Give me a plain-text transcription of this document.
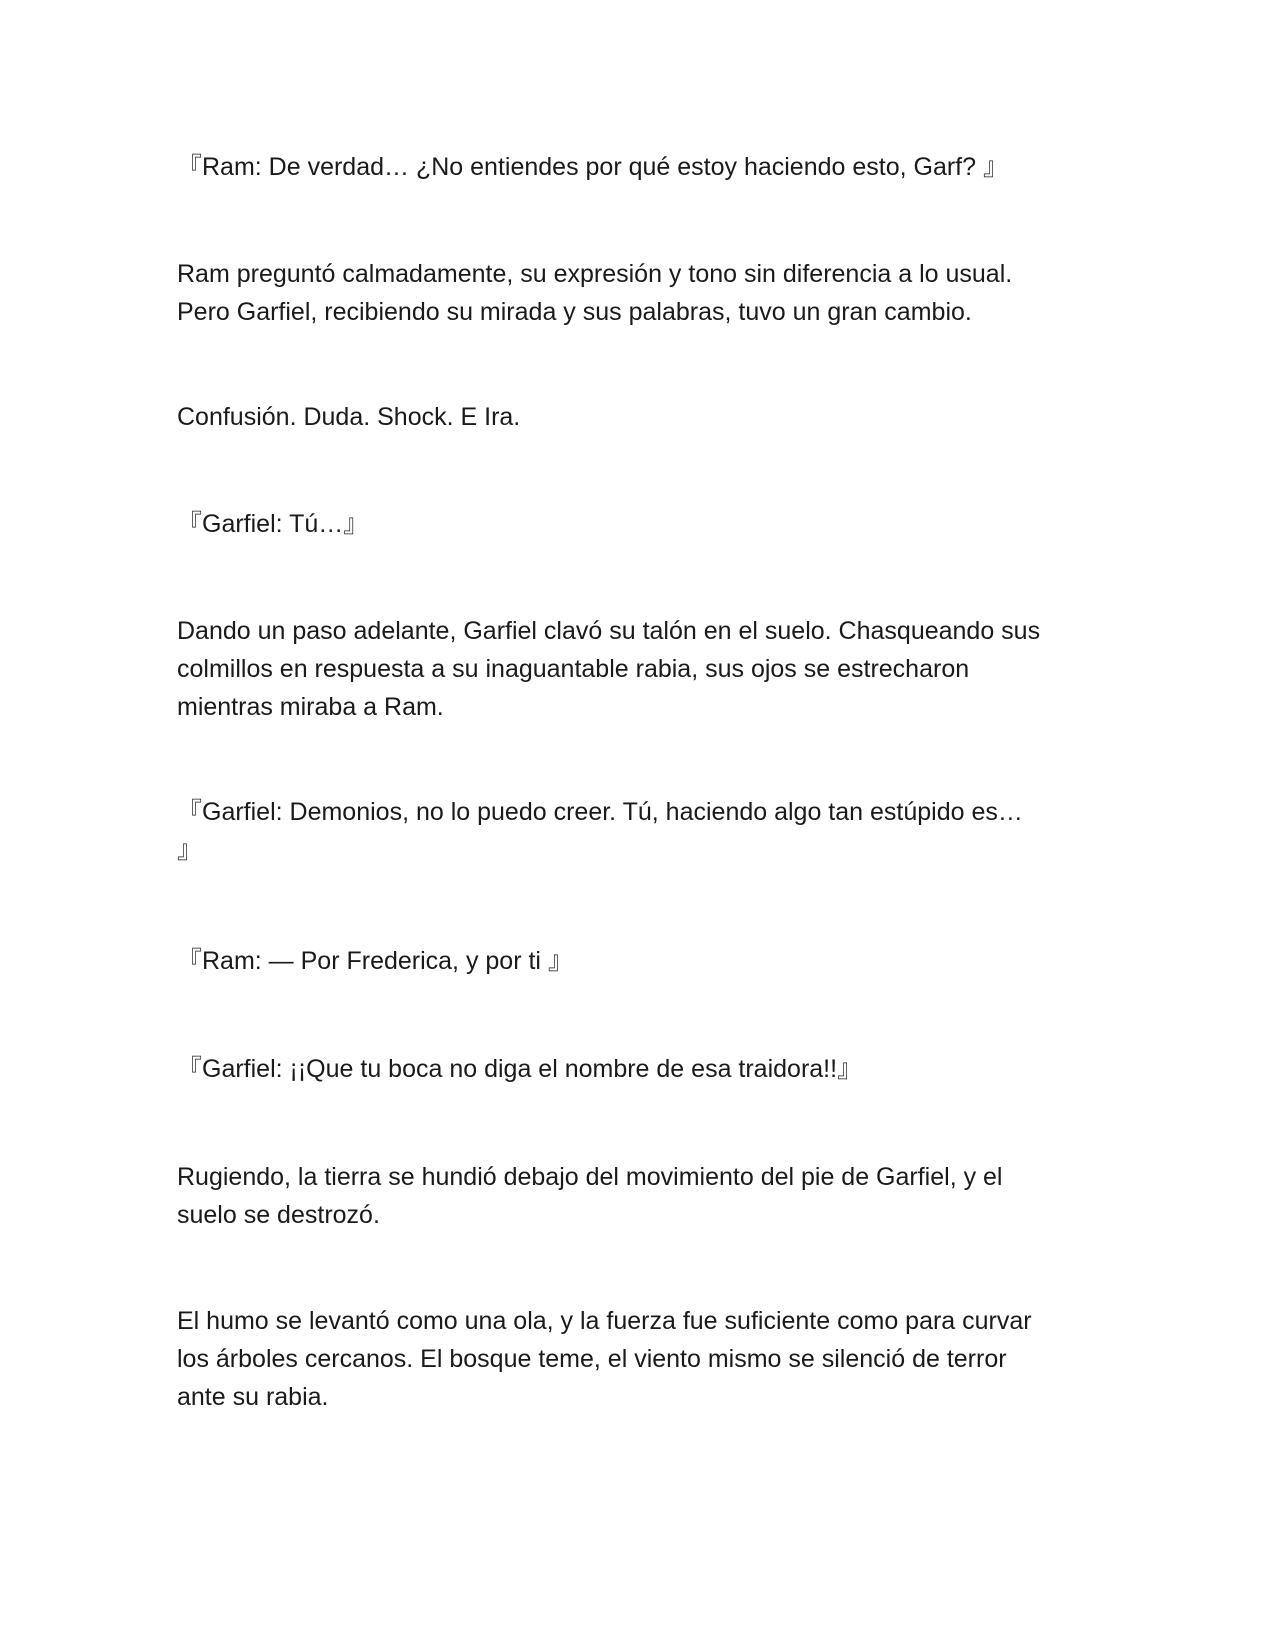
『Ram: De verdad… ¿No entiendes por qué estoy haciendo esto, Garf? 』

Ram preguntó calmadamente, su expresión y tono sin diferencia a lo usual.
Pero Garfiel, recibiendo su mirada y sus palabras, tuvo un gran cambio.

Confusión. Duda. Shock. E Ira.

『Garfiel: Tú…』

Dando un paso adelante, Garfiel clavó su talón en el suelo. Chasqueando sus
colmillos en respuesta a su inaguantable rabia, sus ojos se estrecharon
mientras miraba a Ram.

『Garfiel: Demonios, no lo puedo creer. Tú, haciendo algo tan estúpido es…
』

『Ram: — Por Frederica, y por ti 』

『Garfiel: ¡¡Que tu boca no diga el nombre de esa traidora!!』

Rugiendo, la tierra se hundió debajo del movimiento del pie de Garfiel, y el
suelo se destrozó.

El humo se levantó como una ola, y la fuerza fue suficiente como para curvar
los árboles cercanos. El bosque teme, el viento mismo se silenció de terror
ante su rabia.
